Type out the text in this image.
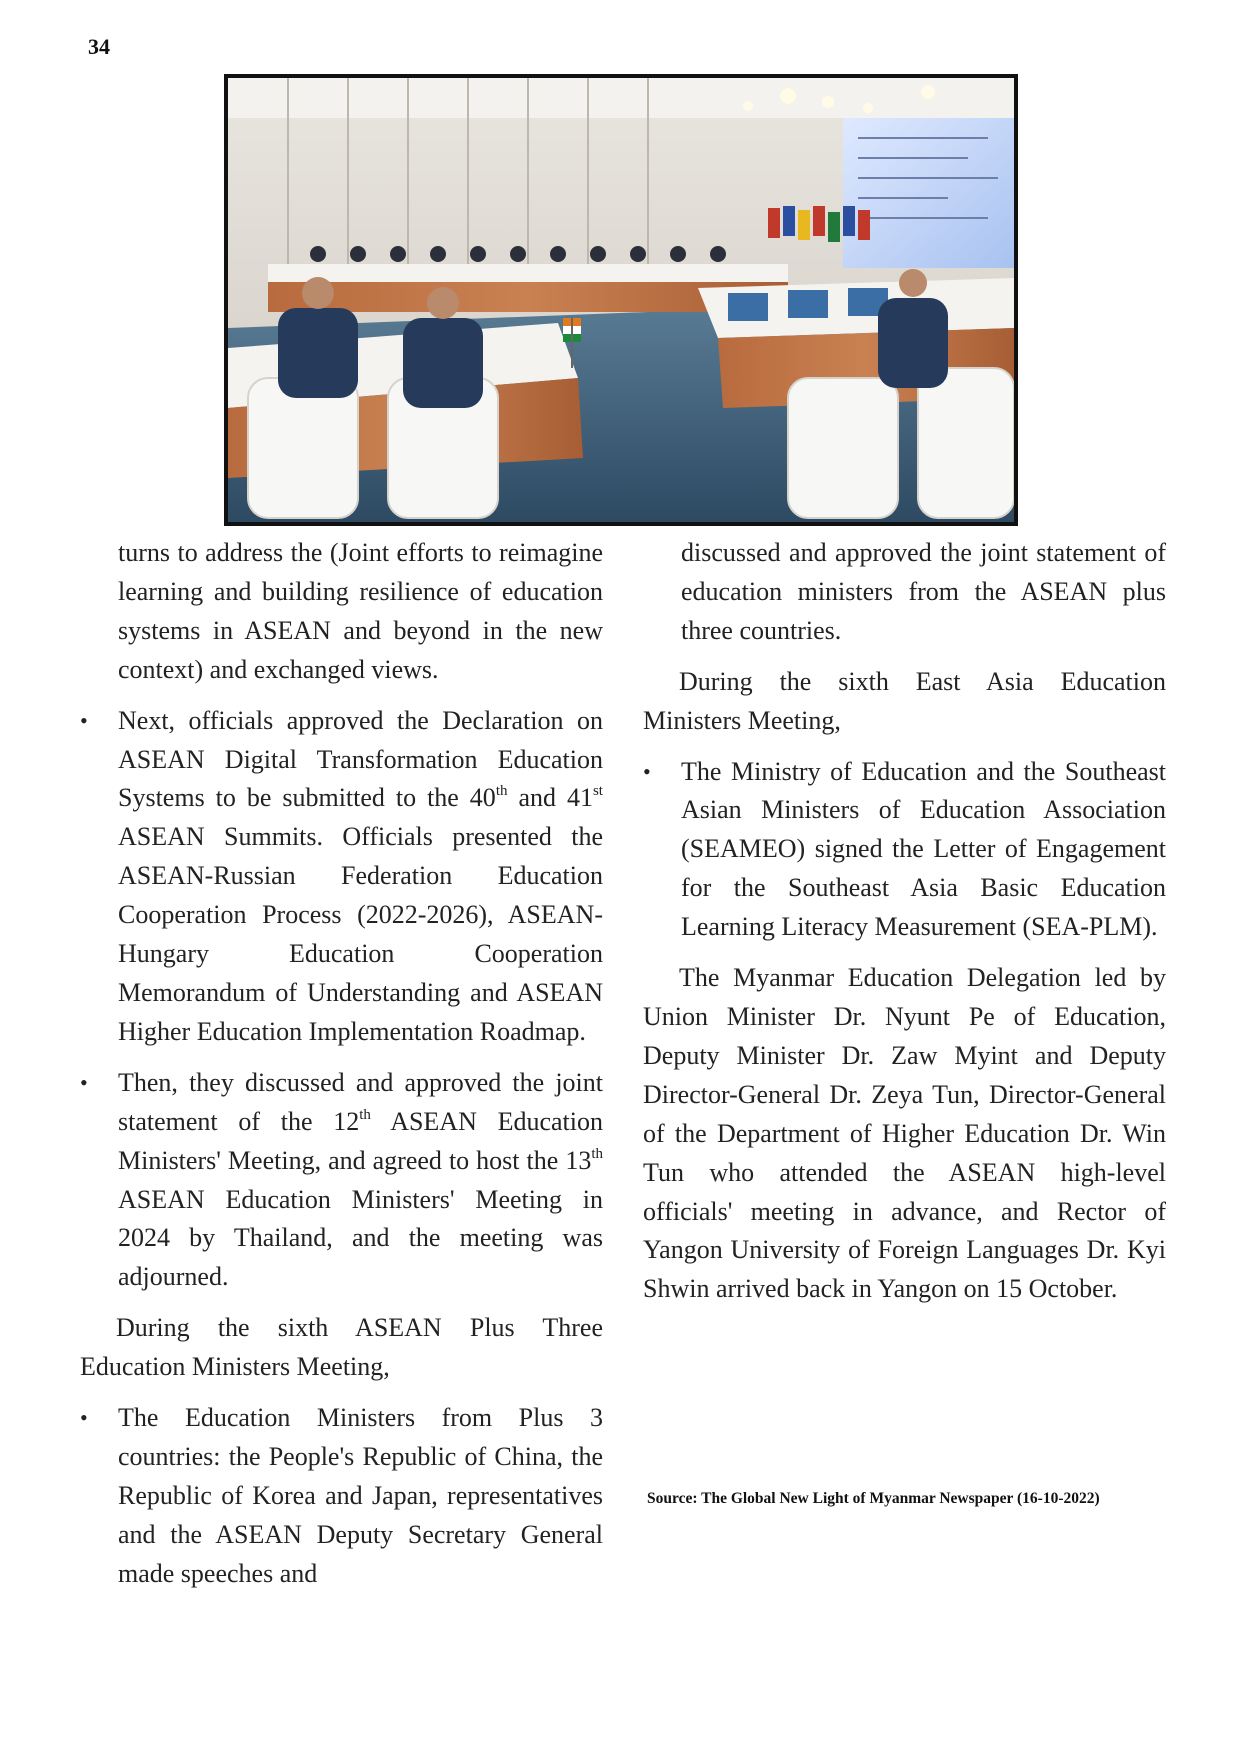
34

turns to address the (Joint efforts to reimagine learning and building resilience of education systems in ASEAN and beyond in the new context) and exchanged views.

• Next, officials approved the Declaration on ASEAN Digital Transformation Education Systems to be submitted to the 40th and 41st ASEAN Summits. Officials presented the ASEAN-Russian Federation Education Cooperation Process (2022-2026), ASEAN-Hungary Education Cooperation Memorandum of Understanding and ASEAN Higher Education Implementation Roadmap.

• Then, they discussed and approved the joint statement of the 12th ASEAN Education Ministers' Meeting, and agreed to host the 13th ASEAN Education Ministers' Meeting in 2024 by Thailand, and the meeting was adjourned.

During the sixth ASEAN Plus Three Education Ministers Meeting,

• The Education Ministers from Plus 3 countries: the People's Republic of China, the Republic of Korea and Japan, representatives and the ASEAN Deputy Secretary General made speeches and

discussed and approved the joint statement of education ministers from the ASEAN plus three countries.

During the sixth East Asia Education Ministers Meeting,

• The Ministry of Education and the Southeast Asian Ministers of Education Association (SEAMEO) signed the Letter of Engagement for the Southeast Asia Basic Education Learning Literacy Measurement (SEA-PLM).

The Myanmar Education Delegation led by Union Minister Dr. Nyunt Pe of Education, Deputy Minister Dr. Zaw Myint and Deputy Director-General Dr. Zeya Tun, Director-General of the Department of Higher Education Dr. Win Tun who attended the ASEAN high-level officials' meeting in advance, and Rector of Yangon University of Foreign Languages Dr. Kyi Shwin arrived back in Yangon on 15 October.

Source: The Global New Light of Myanmar Newspaper (16-10-2022)
